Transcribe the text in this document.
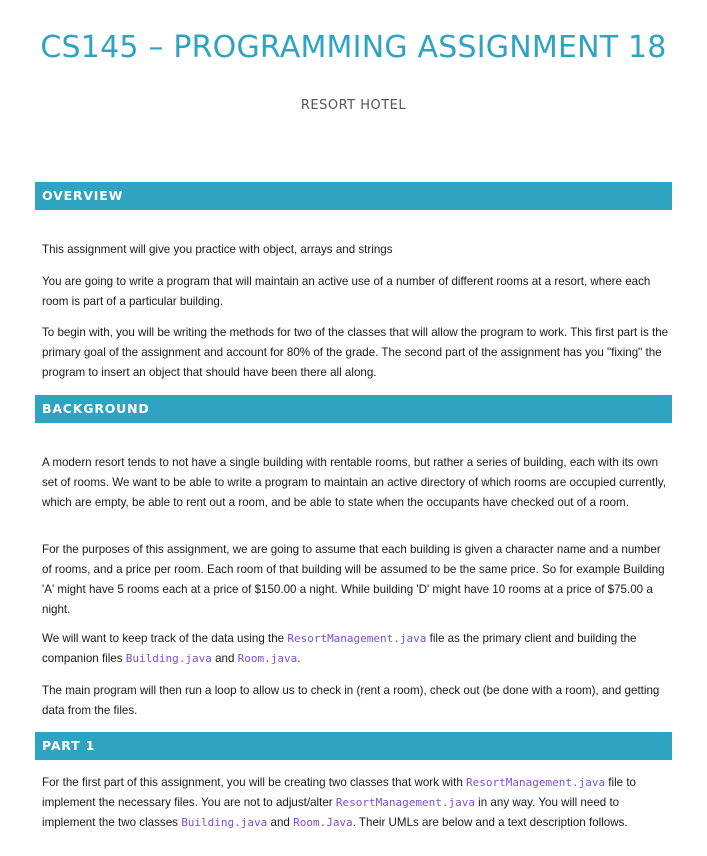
CS145 – PROGRAMMING ASSIGNMENT 18
RESORT HOTEL
OVERVIEW

This assignment will give you practice with object, arrays and strings

You are going to write a program that will maintain an active use of a number of different rooms at a resort, where each room is part of a particular building.

To begin with, you will be writing the methods for two of the classes that will allow the program to work. This first part is the primary goal of the assignment and account for 80% of the grade. The second part of the assignment has you "fixing" the program to insert an object that should have been there all along.

BACKGROUND

A modern resort tends to not have a single building with rentable rooms, but rather a series of building, each with its own set of rooms. We want to be able to write a program to maintain an active directory of which rooms are occupied currently, which are empty, be able to rent out a room, and be able to state when the occupants have checked out of a room.

For the purposes of this assignment, we are going to assume that each building is given a character name and a number of rooms, and a price per room. Each room of that building will be assumed to be the same price. So for example Building 'A' might have 5 rooms each at a price of $150.00 a night. While building 'D' might have 10 rooms at a price of $75.00 a night.

We will want to keep track of the data using the ResortManagement.java file as the primary client and building the companion files Building.java and Room.java.

The main program will then run a loop to allow us to check in (rent a room), check out (be done with a room), and getting data from the files.

PART 1

For the first part of this assignment, you will be creating two classes that work with ResortManagement.java file to implement the necessary files. You are not to adjust/alter ResortManagement.java in any way. You will need to implement the two classes Building.java and Room.Java. Their UMLs are below and a text description follows.
